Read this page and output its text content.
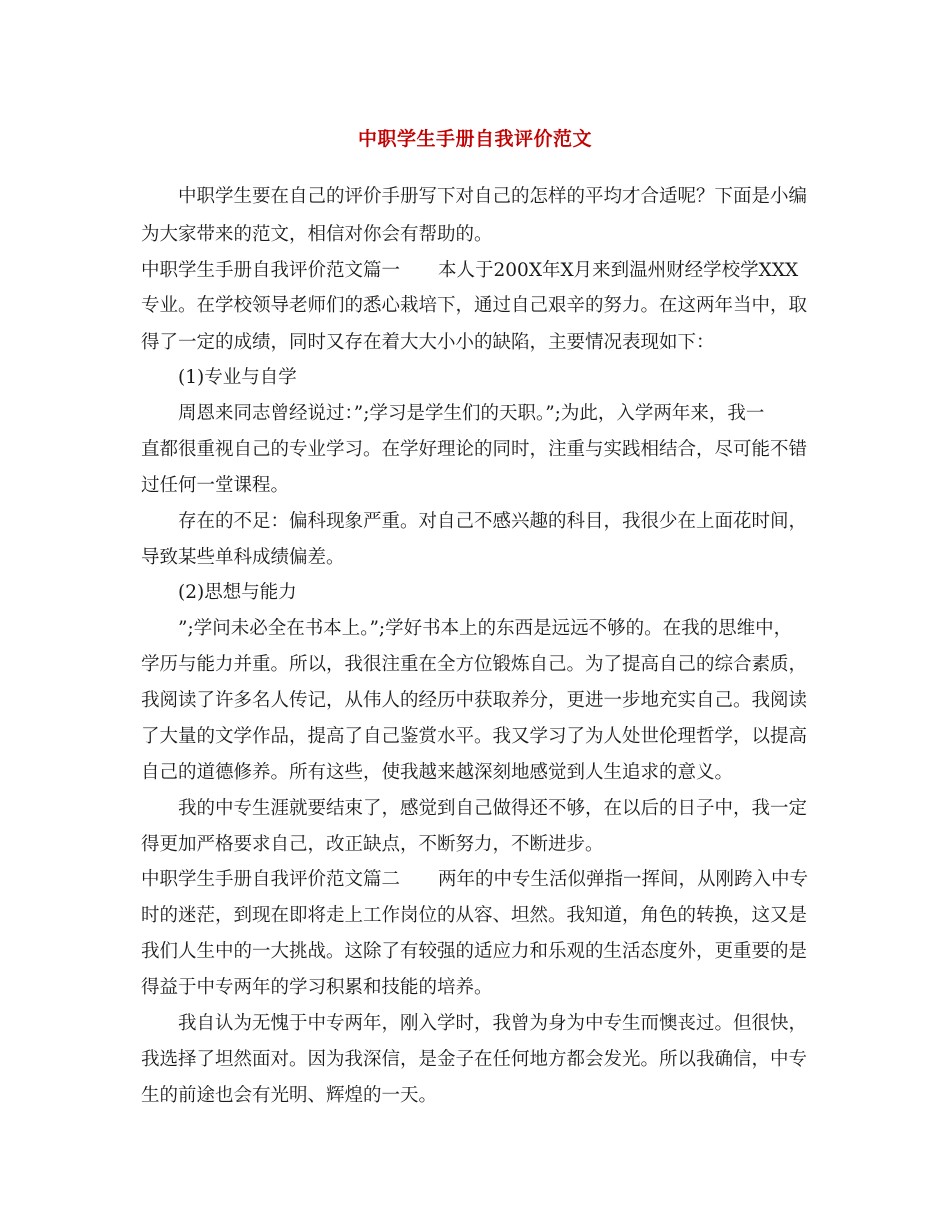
中职学生手册自我评价范文
中职学生要在自己的评价手册写下对自己的怎样的平均才合适呢？下面是小编
为大家带来的范文，相信对你会有帮助的。
中职学生手册自我评价范文篇一 本人于200X年X月来到温州财经学校学XXX
专业。在学校领导老师们的悉心栽培下，通过自己艰辛的努力。在这两年当中，取
得了一定的成绩，同时又存在着大大小小的缺陷，主要情况表现如下：
(1)专业与自学
周恩来同志曾经说过：”;学习是学生们的天职。”;为此，入学两年来，我一
直都很重视自己的专业学习。在学好理论的同时，注重与实践相结合，尽可能不错
过任何一堂课程。
存在的不足：偏科现象严重。对自己不感兴趣的科目，我很少在上面花时间，
导致某些单科成绩偏差。
(2)思想与能力
”;学问未必全在书本上。”;学好书本上的东西是远远不够的。在我的思维中，
学历与能力并重。所以，我很注重在全方位锻炼自己。为了提高自己的综合素质，
我阅读了许多名人传记，从伟人的经历中获取养分，更进一步地充实自己。我阅读
了大量的文学作品，提高了自己鉴赏水平。我又学习了为人处世伦理哲学，以提高
自己的道德修养。所有这些，使我越来越深刻地感觉到人生追求的意义。
我的中专生涯就要结束了，感觉到自己做得还不够，在以后的日子中，我一定
得更加严格要求自己，改正缺点，不断努力，不断进步。
中职学生手册自我评价范文篇二 两年的中专生活似弹指一挥间，从刚跨入中专
时的迷茫，到现在即将走上工作岗位的从容、坦然。我知道，角色的转换，这又是
我们人生中的一大挑战。这除了有较强的适应力和乐观的生活态度外，更重要的是
得益于中专两年的学习积累和技能的培养。
我自认为无愧于中专两年，刚入学时，我曾为身为中专生而懊丧过。但很快，
我选择了坦然面对。因为我深信，是金子在任何地方都会发光。所以我确信，中专
生的前途也会有光明、辉煌的一天。
